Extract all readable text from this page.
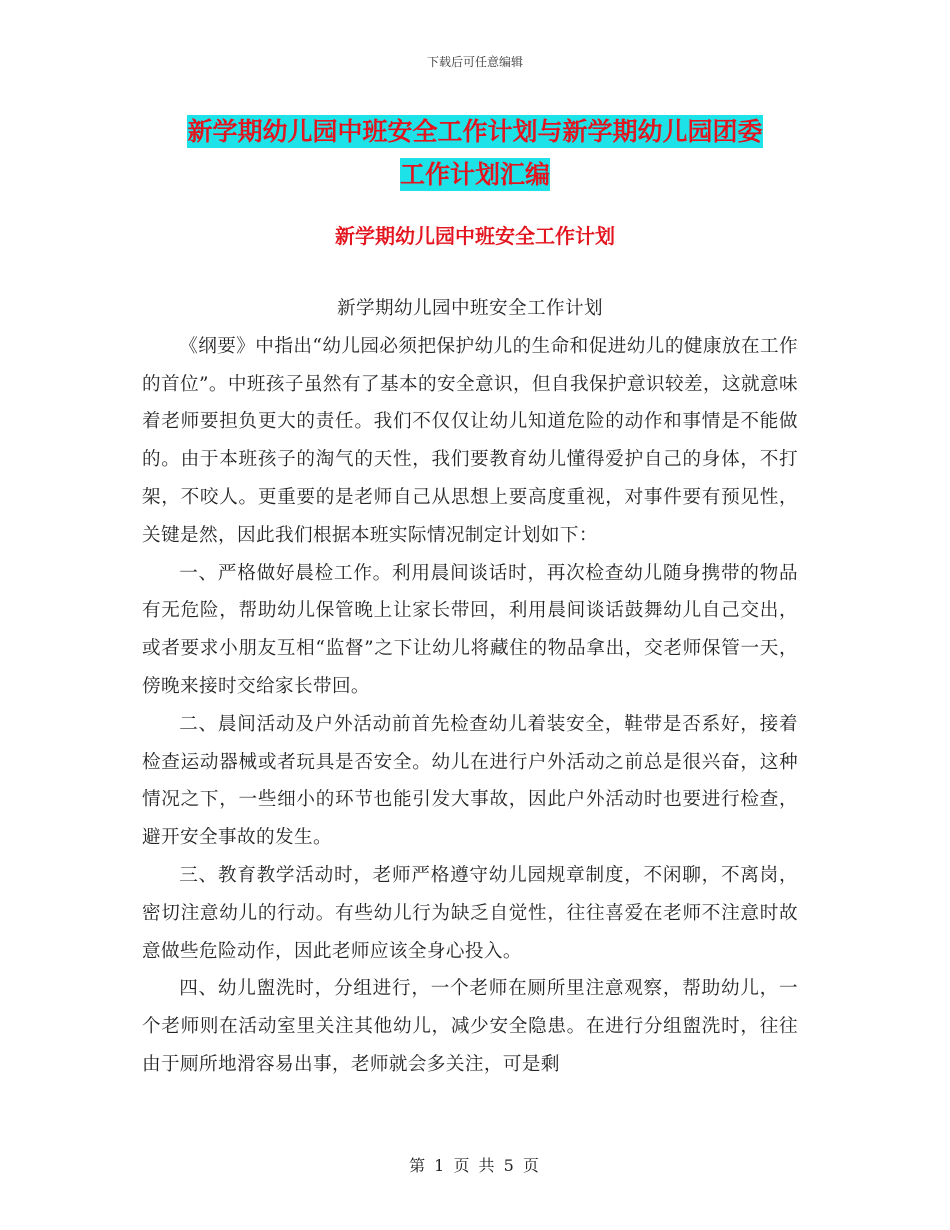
下载后可任意编辑
新学期幼儿园中班安全工作计划与新学期幼儿园团委
工作计划汇编
新学期幼儿园中班安全工作计划

新学期幼儿园中班安全工作计划

《纲要》中指出“幼儿园必须把保护幼儿的生命和促进幼儿的健康放在工作的首位”。中班孩子虽然有了基本的安全意识，但自我保护意识较差，这就意味着老师要担负更大的责任。我们不仅仅让幼儿知道危险的动作和事情是不能做的。由于本班孩子的淘气的天性，我们要教育幼儿懂得爱护自己的身体，不打架，不咬人。更重要的是老师自己从思想上要高度重视，对事件要有预见性，关键是然，因此我们根据本班实际情况制定计划如下：

一、严格做好晨检工作。利用晨间谈话时，再次检查幼儿随身携带的物品有无危险，帮助幼儿保管晚上让家长带回，利用晨间谈话鼓舞幼儿自己交出，或者要求小朋友互相“监督”之下让幼儿将藏住的物品拿出，交老师保管一天，傍晚来接时交给家长带回。

二、晨间活动及户外活动前首先检查幼儿着装安全，鞋带是否系好，接着检查运动器械或者玩具是否安全。幼儿在进行户外活动之前总是很兴奋，这种情况之下，一些细小的环节也能引发大事故，因此户外活动时也要进行检查，避开安全事故的发生。

三、教育教学活动时，老师严格遵守幼儿园规章制度，不闲聊，不离岗，密切注意幼儿的行动。有些幼儿行为缺乏自觉性，往往喜爱在老师不注意时故意做些危险动作，因此老师应该全身心投入。

四、幼儿盥洗时，分组进行，一个老师在厕所里注意观察，帮助幼儿，一个老师则在活动室里关注其他幼儿，减少安全隐患。在进行分组盥洗时，往往由于厕所地滑容易出事，老师就会多关注，可是剩

第 1 页 共 5 页
